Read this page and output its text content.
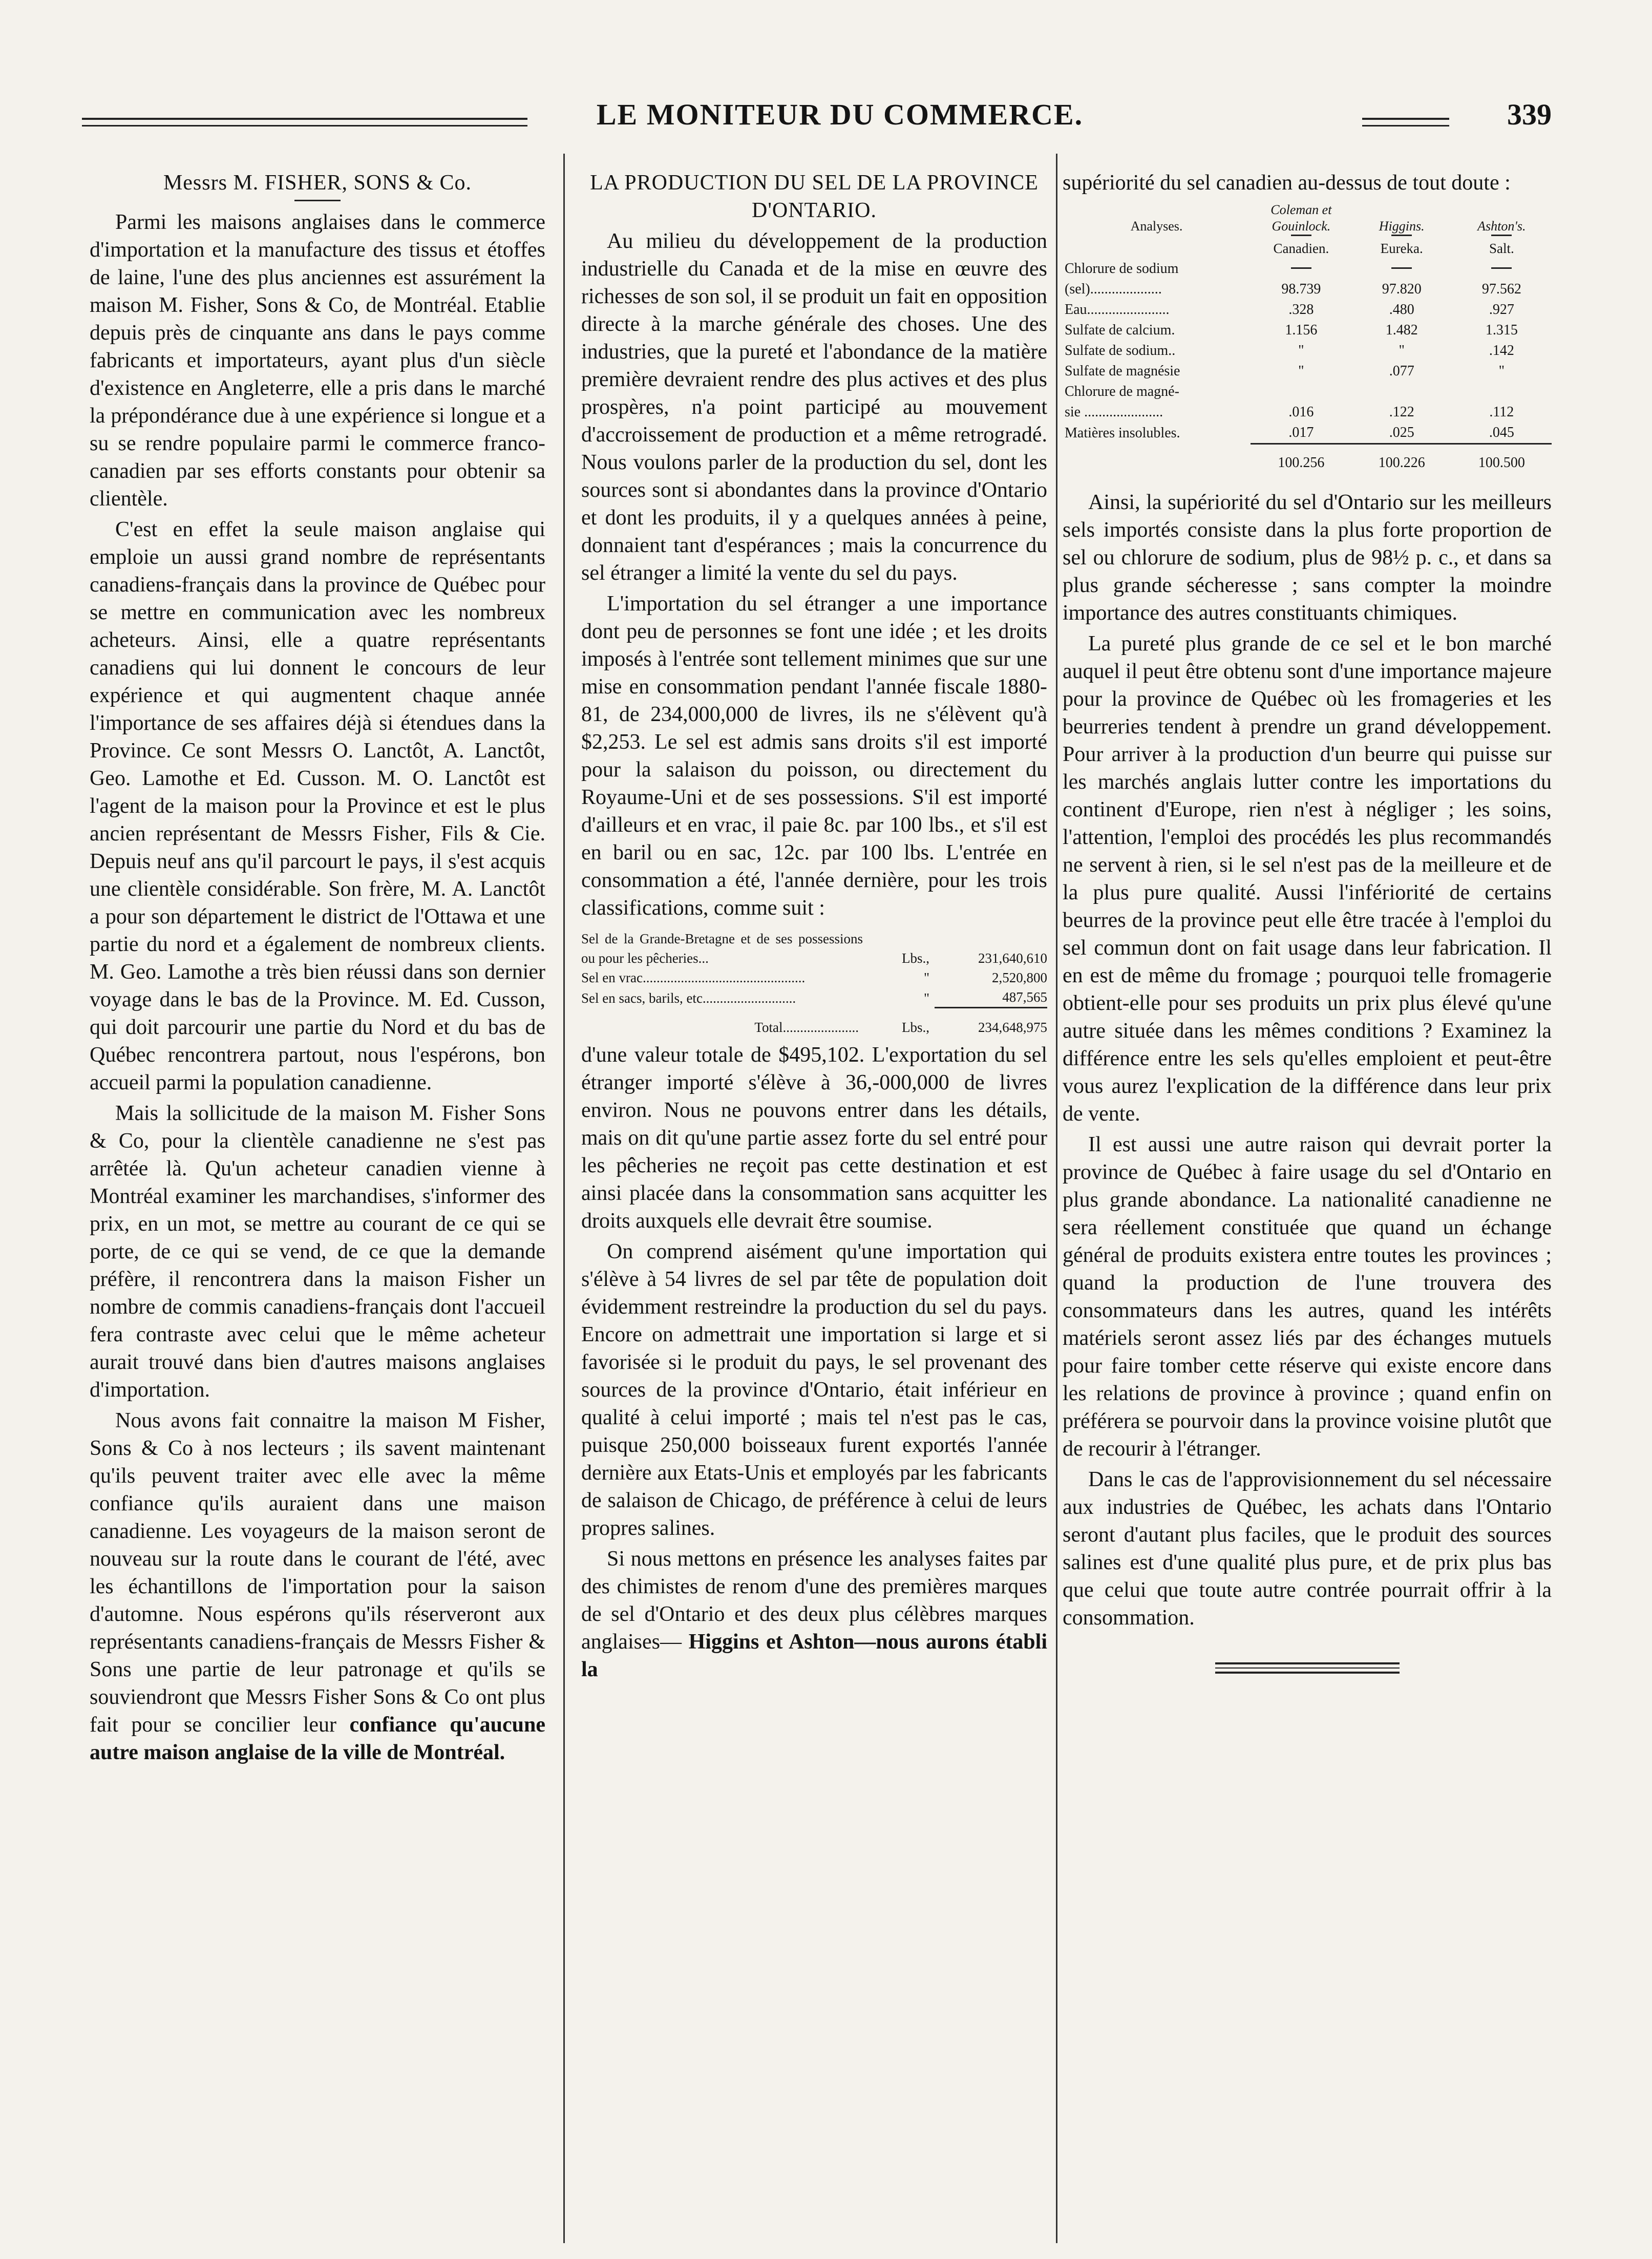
LE MONITEUR DU COMMERCE.	339

Messrs M. FISHER, SONS & Co.

Parmi les maisons anglaises dans le commerce d'importation et la manufacture des tissus et étoffes de laine, l'une des plus anciennes est assurément la maison M. Fisher, Sons & Co, de Montréal. Etablie depuis près de cinquante ans dans le pays comme fabricants et importateurs, ayant plus d'un siècle d'existence en Angleterre, elle a pris dans le marché la prépondérance due à une expérience si longue et a su se rendre populaire parmi le commerce franco-canadien par ses efforts constants pour obtenir sa clientèle.

C'est en effet la seule maison anglaise qui emploie un aussi grand nombre de représentants canadiens-français dans la province de Québec pour se mettre en communication avec les nombreux acheteurs. Ainsi, elle a quatre représentants canadiens qui lui donnent le concours de leur expérience et qui augmentent chaque année l'importance de ses affaires déjà si étendues dans la Province. Ce sont Messrs O. Lanctôt, A. Lanctôt, Geo. Lamothe et Ed. Cusson. M. O. Lanctôt est l'agent de la maison pour la Province et est le plus ancien représentant de Messrs Fisher, Fils & Cie. Depuis neuf ans qu'il parcourt le pays, il s'est acquis une clientèle considérable. Son frère, M. A. Lanctôt a pour son département le district de l'Ottawa et une partie du nord et a également de nombreux clients. M. Geo. Lamothe a très bien réussi dans son dernier voyage dans le bas de la Province. M. Ed. Cusson, qui doit parcourir une partie du Nord et du bas de Québec rencontrera partout, nous l'espérons, bon accueil parmi la population canadienne.

Mais la sollicitude de la maison M. Fisher Sons & Co, pour la clientèle canadienne ne s'est pas arrêtée là. Qu'un acheteur canadien vienne à Montréal examiner les marchandises, s'informer des prix, en un mot, se mettre au courant de ce qui se porte, de ce qui se vend, de ce que la demande préfère, il rencontrera dans la maison Fisher un nombre de commis canadiens-français dont l'accueil fera contraste avec celui que le même acheteur aurait trouvé dans bien d'autres maisons anglaises d'importation.

Nous avons fait connaitre la maison M Fisher, Sons & Co à nos lecteurs ; ils savent maintenant qu'ils peuvent traiter avec elle avec la même confiance qu'ils auraient dans une maison canadienne. Les voyageurs de la maison seront de nouveau sur la route dans le courant de l'été, avec les échantillons de l'importation pour la saison d'automne. Nous espérons qu'ils réserveront aux représentants canadiens-français de Messrs Fisher & Sons une partie de leur patronage et qu'ils se souviendront que Messrs Fisher Sons & Co ont plus fait pour se concilier leur confiance qu'aucune autre maison anglaise de la ville de Montréal.

LA PRODUCTION DU SEL DE LA PROVINCE D'ONTARIO.

Au milieu du développement de la production industrielle du Canada et de la mise en œuvre des richesses de son sol, il se produit un fait en opposition directe à la marche générale des choses. Une des industries, que la pureté et l'abondance de la matière première devraient rendre des plus actives et des plus prospères, n'a point participé au mouvement d'accroissement de production et a même retrogradé. Nous voulons parler de la production du sel, dont les sources sont si abondantes dans la province d'Ontario et dont les produits, il y a quelques années à peine, donnaient tant d'espérances ; mais la concurrence du sel étranger a limité la vente du sel du pays.

L'importation du sel étranger a une importance dont peu de personnes se font une idée ; et les droits imposés à l'entrée sont tellement minimes que sur une mise en consommation pendant l'année fiscale 1880-81, de 234,000,000 de livres, ils ne s'élèvent qu'à $2,253. Le sel est admis sans droits s'il est importé pour la salaison du poisson, ou directement du Royaume-Uni et de ses possessions. S'il est importé d'ailleurs et en vrac, il paie 8c. par 100 lbs., et s'il est en baril ou en sac, 12c. par 100 lbs. L'entrée en consommation a été, l'année dernière, pour les trois classifications, comme suit :

Sel de la Grande-Bretagne et de ses possessions ou pour les pêcheries...	Lbs.,	231,640,610
Sel en vrac...............................................	"	2,520,800
Sel en sacs, barils, etc...........................	"	487,565

Total......................	Lbs.,	234,648,975

d'une valeur totale de $495,102. L'exportation du sel étranger importé s'élève à 36,-000,000 de livres environ. Nous ne pouvons entrer dans les détails, mais on dit qu'une partie assez forte du sel entré pour les pêcheries ne reçoit pas cette destination et est ainsi placée dans la consommation sans acquitter les droits auxquels elle devrait être soumise.

On comprend aisément qu'une importation qui s'élève à 54 livres de sel par tête de population doit évidemment restreindre la production du sel du pays. Encore on admettrait une importation si large et si favorisée si le produit du pays, le sel provenant des sources de la province d'Ontario, était inférieur en qualité à celui importé ; mais tel n'est pas le cas, puisque 250,000 boisseaux furent exportés l'année dernière aux Etats-Unis et employés par les fabricants de salaison de Chicago, de préférence à celui de leurs propres salines.

Si nous mettons en présence les analyses faites par des chimistes de renom d'une des premières marques de sel d'Ontario et des deux plus célèbres marques anglaises— Higgins et Ashton—nous aurons établi la

supériorité du sel canadien au-dessus de tout doute :

Analyses.	Coleman et Gouinlock.	Higgins.	Ashton's.

	Canadien.	Eureka.	Salt.
Chlorure de sodium	

(sel)....................	98.739	97.820	97.562
Eau.......................	.328	.480	.927
Sulfate de calcium.	1.156	1.482	1.315
Sulfate de sodium..	"	"	.142
Sulfate de magnésie	"	.077	"
Chlorure de magné-			
sie ......................	.016	.122	.112
Matières insolubles.	.017	.025	.045

	100.256	100.226	100.500

Ainsi, la supériorité du sel d'Ontario sur les meilleurs sels importés consiste dans la plus forte proportion de sel ou chlorure de sodium, plus de 98½ p. c., et dans sa plus grande sécheresse ; sans compter la moindre importance des autres constituants chimiques.

La pureté plus grande de ce sel et le bon marché auquel il peut être obtenu sont d'une importance majeure pour la province de Québec où les fromageries et les beurreries tendent à prendre un grand développement. Pour arriver à la production d'un beurre qui puisse sur les marchés anglais lutter contre les importations du continent d'Europe, rien n'est à négliger ; les soins, l'attention, l'emploi des procédés les plus recommandés ne servent à rien, si le sel n'est pas de la meilleure et de la plus pure qualité. Aussi l'infériorité de certains beurres de la province peut elle être tracée à l'emploi du sel commun dont on fait usage dans leur fabrication. Il en est de même du fromage ; pourquoi telle fromagerie obtient-elle pour ses produits un prix plus élevé qu'une autre située dans les mêmes conditions ? Examinez la différence entre les sels qu'elles emploient et peut-être vous aurez l'explication de la différence dans leur prix de vente.

Il est aussi une autre raison qui devrait porter la province de Québec à faire usage du sel d'Ontario en plus grande abondance. La nationalité canadienne ne sera réellement constituée que quand un échange général de produits existera entre toutes les provinces ; quand la production de l'une trouvera des consommateurs dans les autres, quand les intérêts matériels seront assez liés par des échanges mutuels pour faire tomber cette réserve qui existe encore dans les relations de province à province ; quand enfin on préférera se pourvoir dans la province voisine plutôt que de recourir à l'étranger.

Dans le cas de l'approvisionnement du sel nécessaire aux industries de Québec, les achats dans l'Ontario seront d'autant plus faciles, que le produit des sources salines est d'une qualité plus pure, et de prix plus bas que celui que toute autre contrée pourrait offrir à la consommation.
